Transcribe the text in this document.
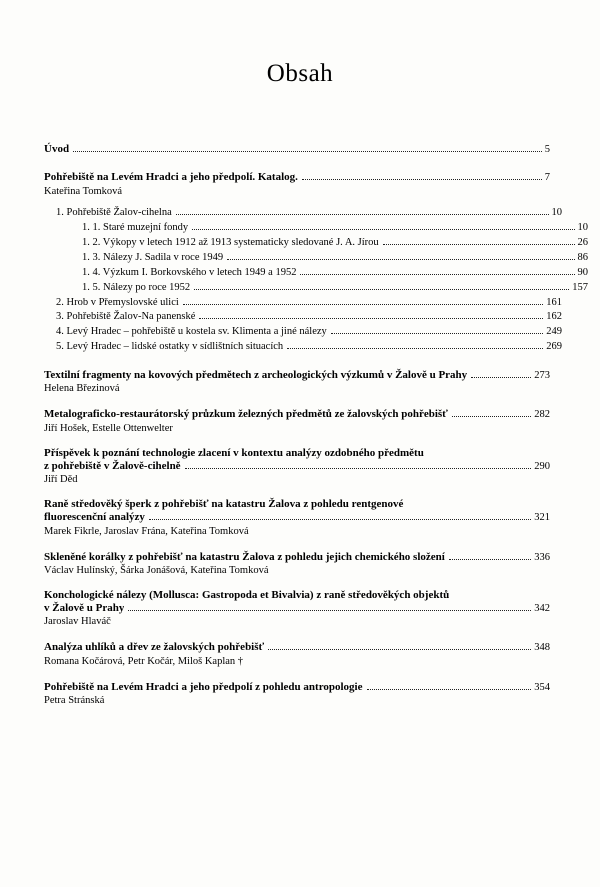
Obsah
Úvod	5
Pohřebiště na Levém Hradci a jeho předpolí. Katalog.	7
Kateřina Tomková
1. Pohřebiště Žalov-cihelna	10
1. 1. Staré muzejní fondy	10
1. 2. Výkopy v letech 1912 až 1913 systematicky sledované J. A. Jírou	26
1. 3. Nálezy J. Sadila v roce 1949	86
1. 4. Výzkum I. Borkovského v letech 1949 a 1952	90
1. 5. Nálezy po roce 1952	157
2. Hrob v Přemyslovské ulici	161
3. Pohřebiště Žalov-Na panenské	162
4. Levý Hradec – pohřebiště u kostela sv. Klimenta a jiné nálezy	249
5. Levý Hradec – lidské ostatky v sídlištních situacích	269
Textilní fragmenty na kovových předmětech z archeologických výzkumů v Žalově u Prahy	273
Helena Březinová
Metalograficko-restaurátorský průzkum železných předmětů ze žalovských pohřebišť	282
Jiří Hošek, Estelle Ottenwelter
Příspěvek k poznání technologie zlacení v kontextu analýzy ozdobného předmětu
z pohřebiště v Žalově-cihelně	290
Jiří Děd
Raně středověký šperk z pohřebišť na katastru Žalova z pohledu rentgenové
fluorescenční analýzy	321
Marek Fikrle, Jaroslav Frána, Kateřina Tomková
Skleněné korálky z pohřebišť na katastru Žalova z pohledu jejich chemického složení	336
Václav Hulínský, Šárka Jonášová, Kateřina Tomková
Konchologické nálezy (Mollusca: Gastropoda et Bivalvia) z raně středověkých objektů
v Žalově u Prahy	342
Jaroslav Hlaváč
Analýza uhlíků a dřev ze žalovských pohřebišť	348
Romana Kočárová, Petr Kočár, Miloš Kaplan †
Pohřebiště na Levém Hradci a jeho předpolí z pohledu antropologie	354
Petra Stránská
